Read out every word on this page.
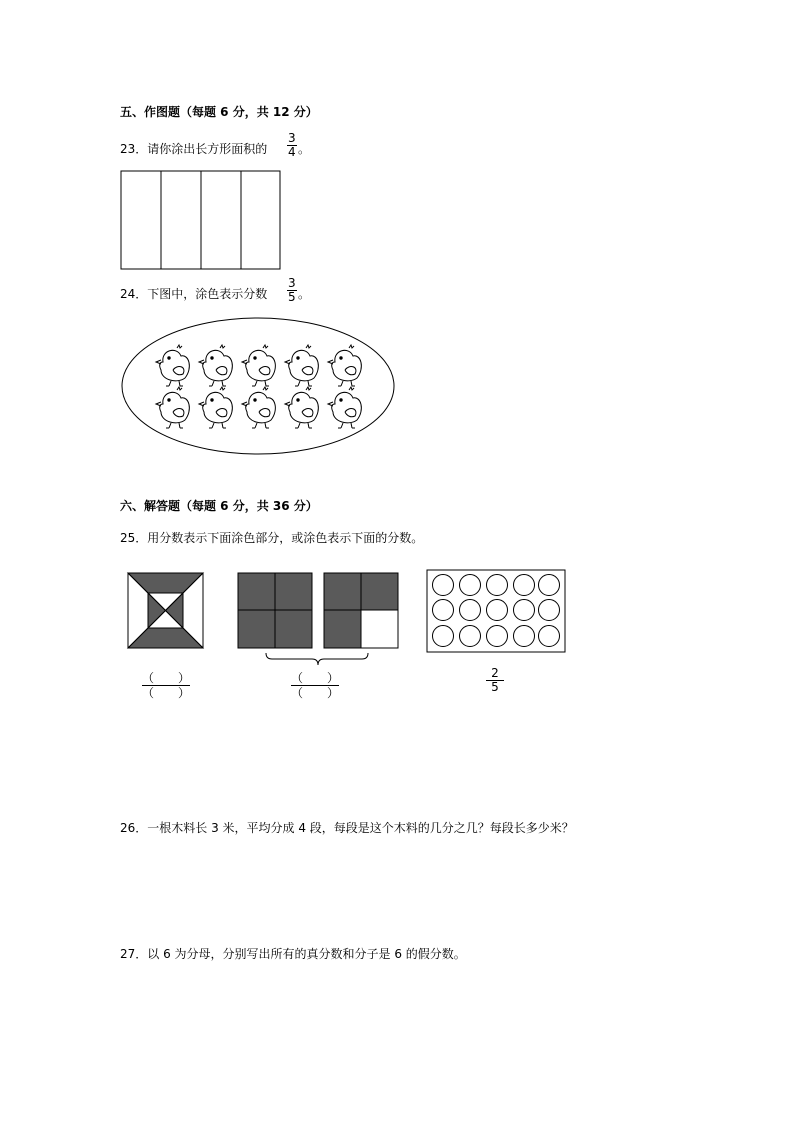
五、作图题（每题 6 分，共 12 分）
23．请你涂出长方形面积的 $\frac{3}{4}$ 。
24．下图中，涂色表示分数 $\frac{3}{5}$ 。
六、解答题（每题 6 分，共 36 分）
25．用分数表示下面涂色部分，或涂色表示下面的分数。
（　　）
（　　）
（　　）
（　　）	$\frac{2}{5}$
26．一根木料长 3 米，平均分成 4 段，每段是这个木料的几分之几？每段长多少米？
27．以 6 为分母，分别写出所有的真分数和分子是 6 的假分数。
